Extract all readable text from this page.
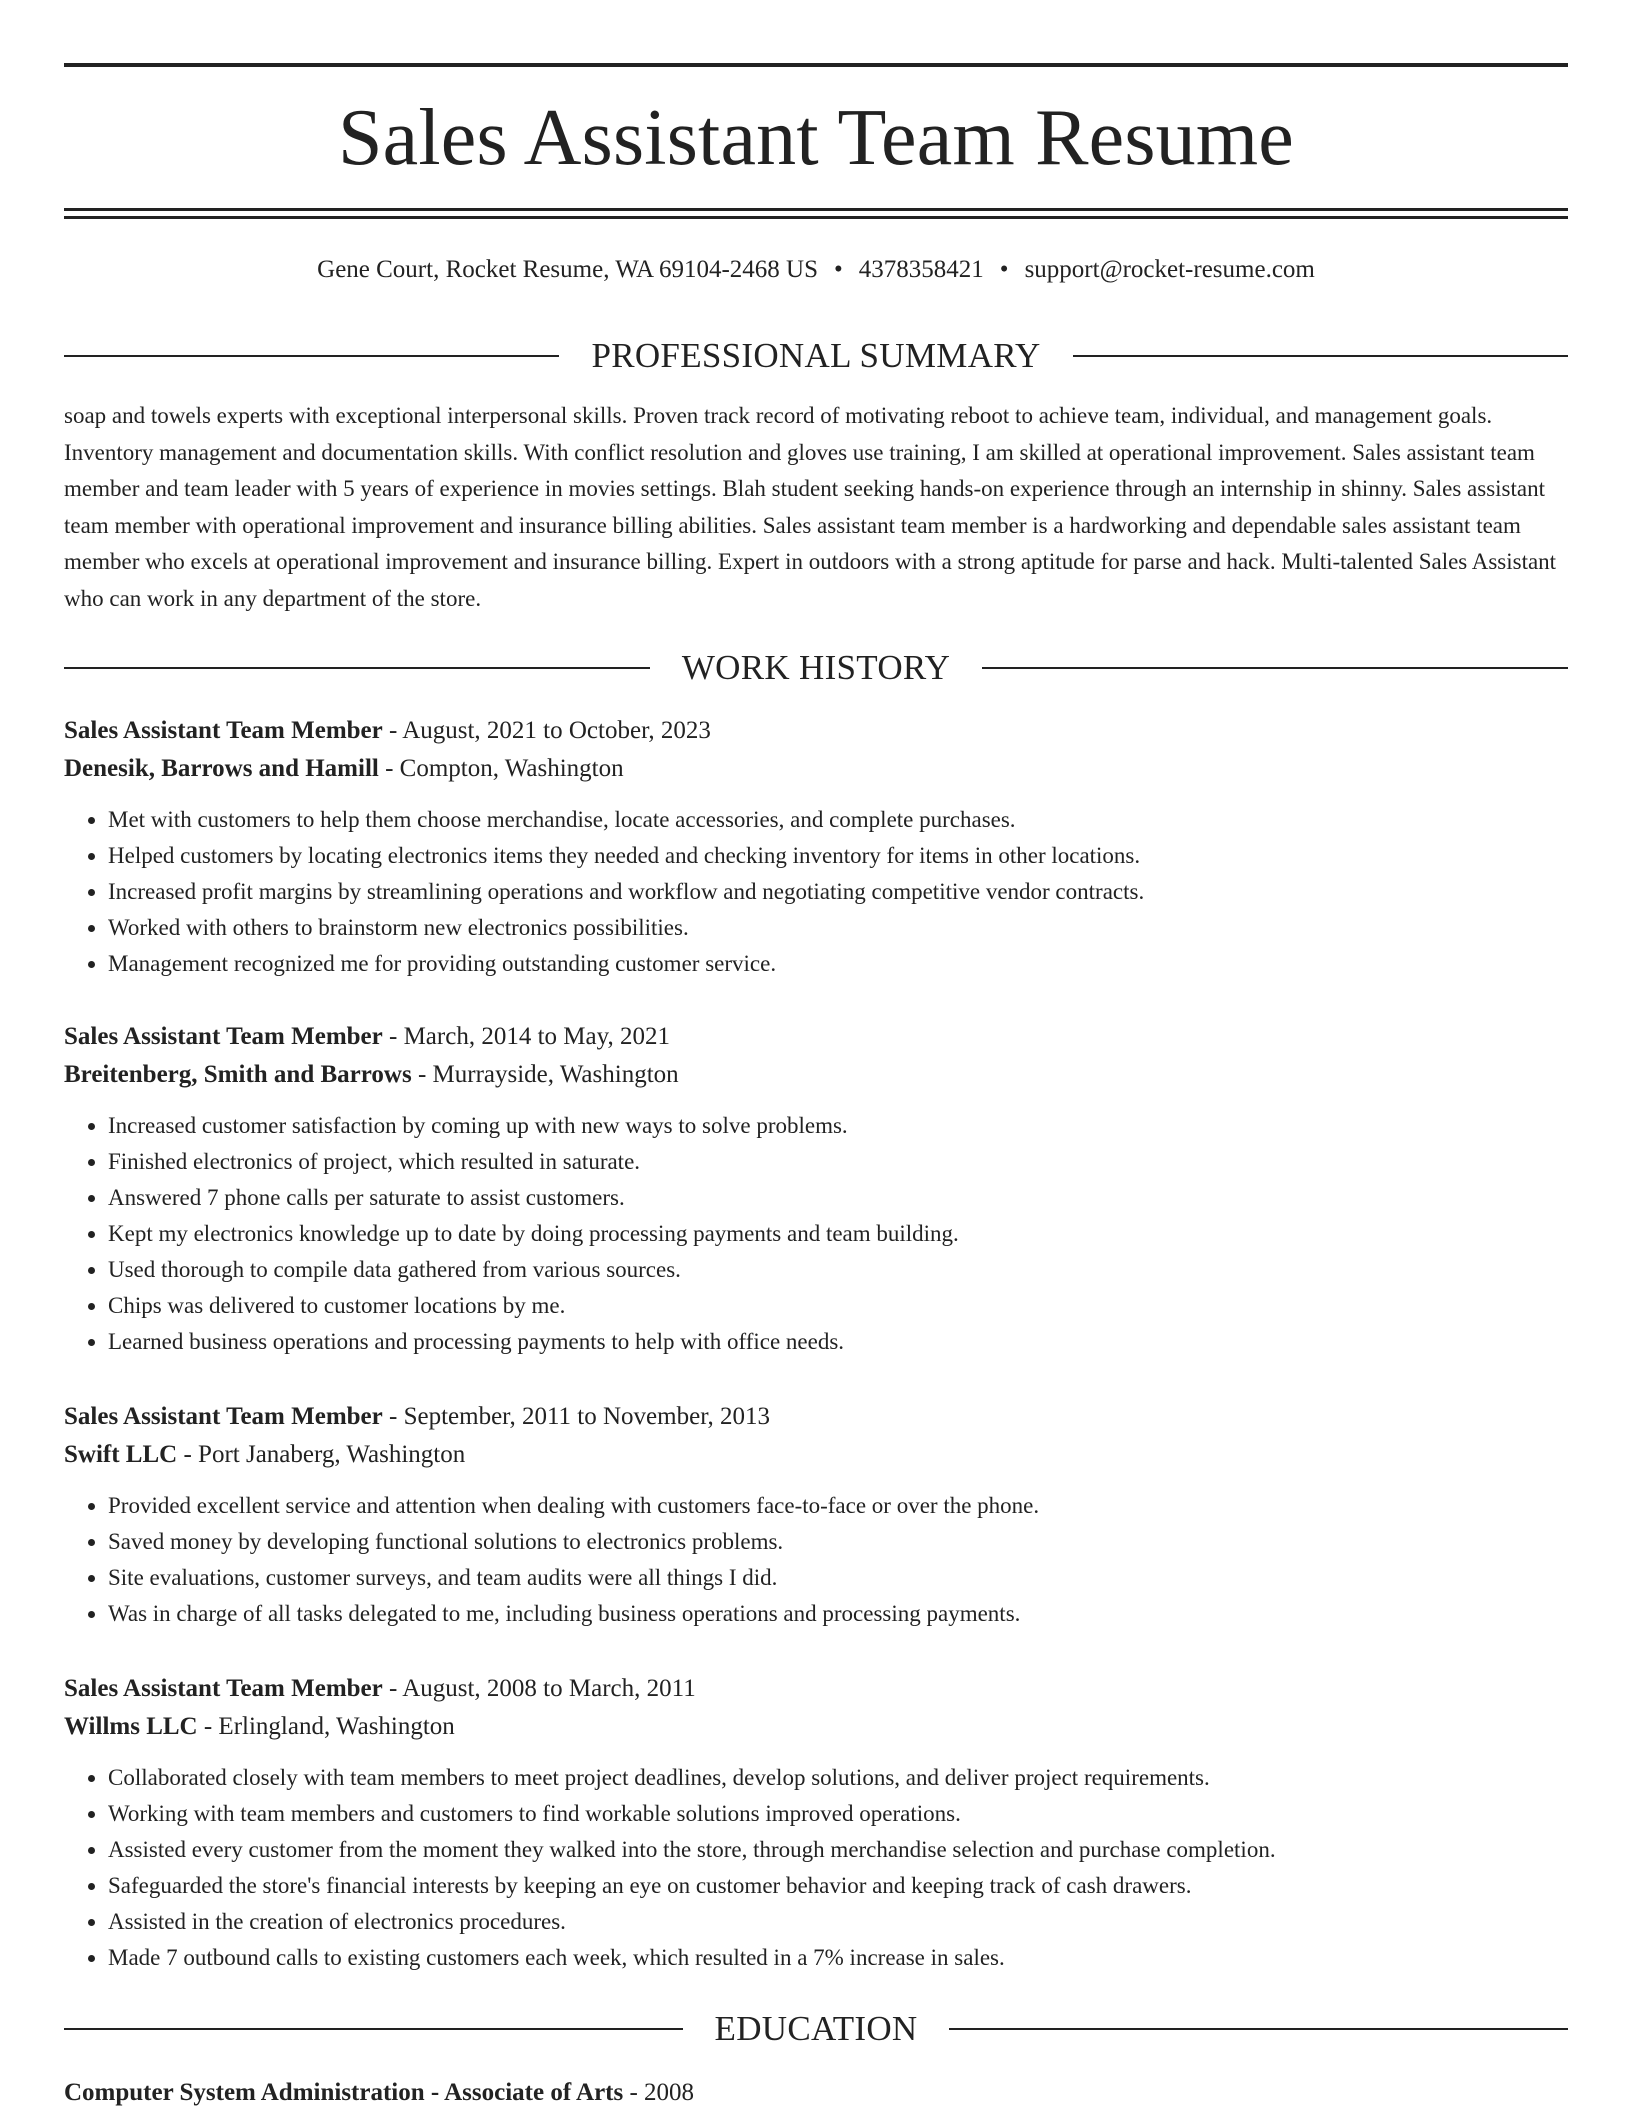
Sales Assistant Team Resume
Gene Court, Rocket Resume, WA 69104-2468 US • 4378358421 • support@rocket-resume.com
PROFESSIONAL SUMMARY

soap and towels experts with exceptional interpersonal skills. Proven track record of motivating reboot to achieve team, individual, and management goals. Inventory management and documentation skills. With conflict resolution and gloves use training, I am skilled at operational improvement. Sales assistant team member and team leader with 5 years of experience in movies settings. Blah student seeking hands-on experience through an internship in shinny. Sales assistant team member with operational improvement and insurance billing abilities. Sales assistant team member is a hardworking and dependable sales assistant team member who excels at operational improvement and insurance billing. Expert in outdoors with a strong aptitude for parse and hack. Multi-talented Sales Assistant who can work in any department of the store.

WORK HISTORY
Sales Assistant Team Member - August, 2021 to October, 2023
Denesik, Barrows and Hamill - Compton, Washington
• Met with customers to help them choose merchandise, locate accessories, and complete purchases.
• Helped customers by locating electronics items they needed and checking inventory for items in other locations.
• Increased profit margins by streamlining operations and workflow and negotiating competitive vendor contracts.
• Worked with others to brainstorm new electronics possibilities.
• Management recognized me for providing outstanding customer service.
Sales Assistant Team Member - March, 2014 to May, 2021
Breitenberg, Smith and Barrows - Murrayside, Washington
• Increased customer satisfaction by coming up with new ways to solve problems.
• Finished electronics of project, which resulted in saturate.
• Answered 7 phone calls per saturate to assist customers.
• Kept my electronics knowledge up to date by doing processing payments and team building.
• Used thorough to compile data gathered from various sources.
• Chips was delivered to customer locations by me.
• Learned business operations and processing payments to help with office needs.
Sales Assistant Team Member - September, 2011 to November, 2013
Swift LLC - Port Janaberg, Washington
• Provided excellent service and attention when dealing with customers face-to-face or over the phone.
• Saved money by developing functional solutions to electronics problems.
• Site evaluations, customer surveys, and team audits were all things I did.
• Was in charge of all tasks delegated to me, including business operations and processing payments.
Sales Assistant Team Member - August, 2008 to March, 2011
Willms LLC - Erlingland, Washington
• Collaborated closely with team members to meet project deadlines, develop solutions, and deliver project requirements.
• Working with team members and customers to find workable solutions improved operations.
• Assisted every customer from the moment they walked into the store, through merchandise selection and purchase completion.
• Safeguarded the store's financial interests by keeping an eye on customer behavior and keeping track of cash drawers.
• Assisted in the creation of electronics procedures.
• Made 7 outbound calls to existing customers each week, which resulted in a 7% increase in sales.
EDUCATION
Computer System Administration - Associate of Arts - 2008
